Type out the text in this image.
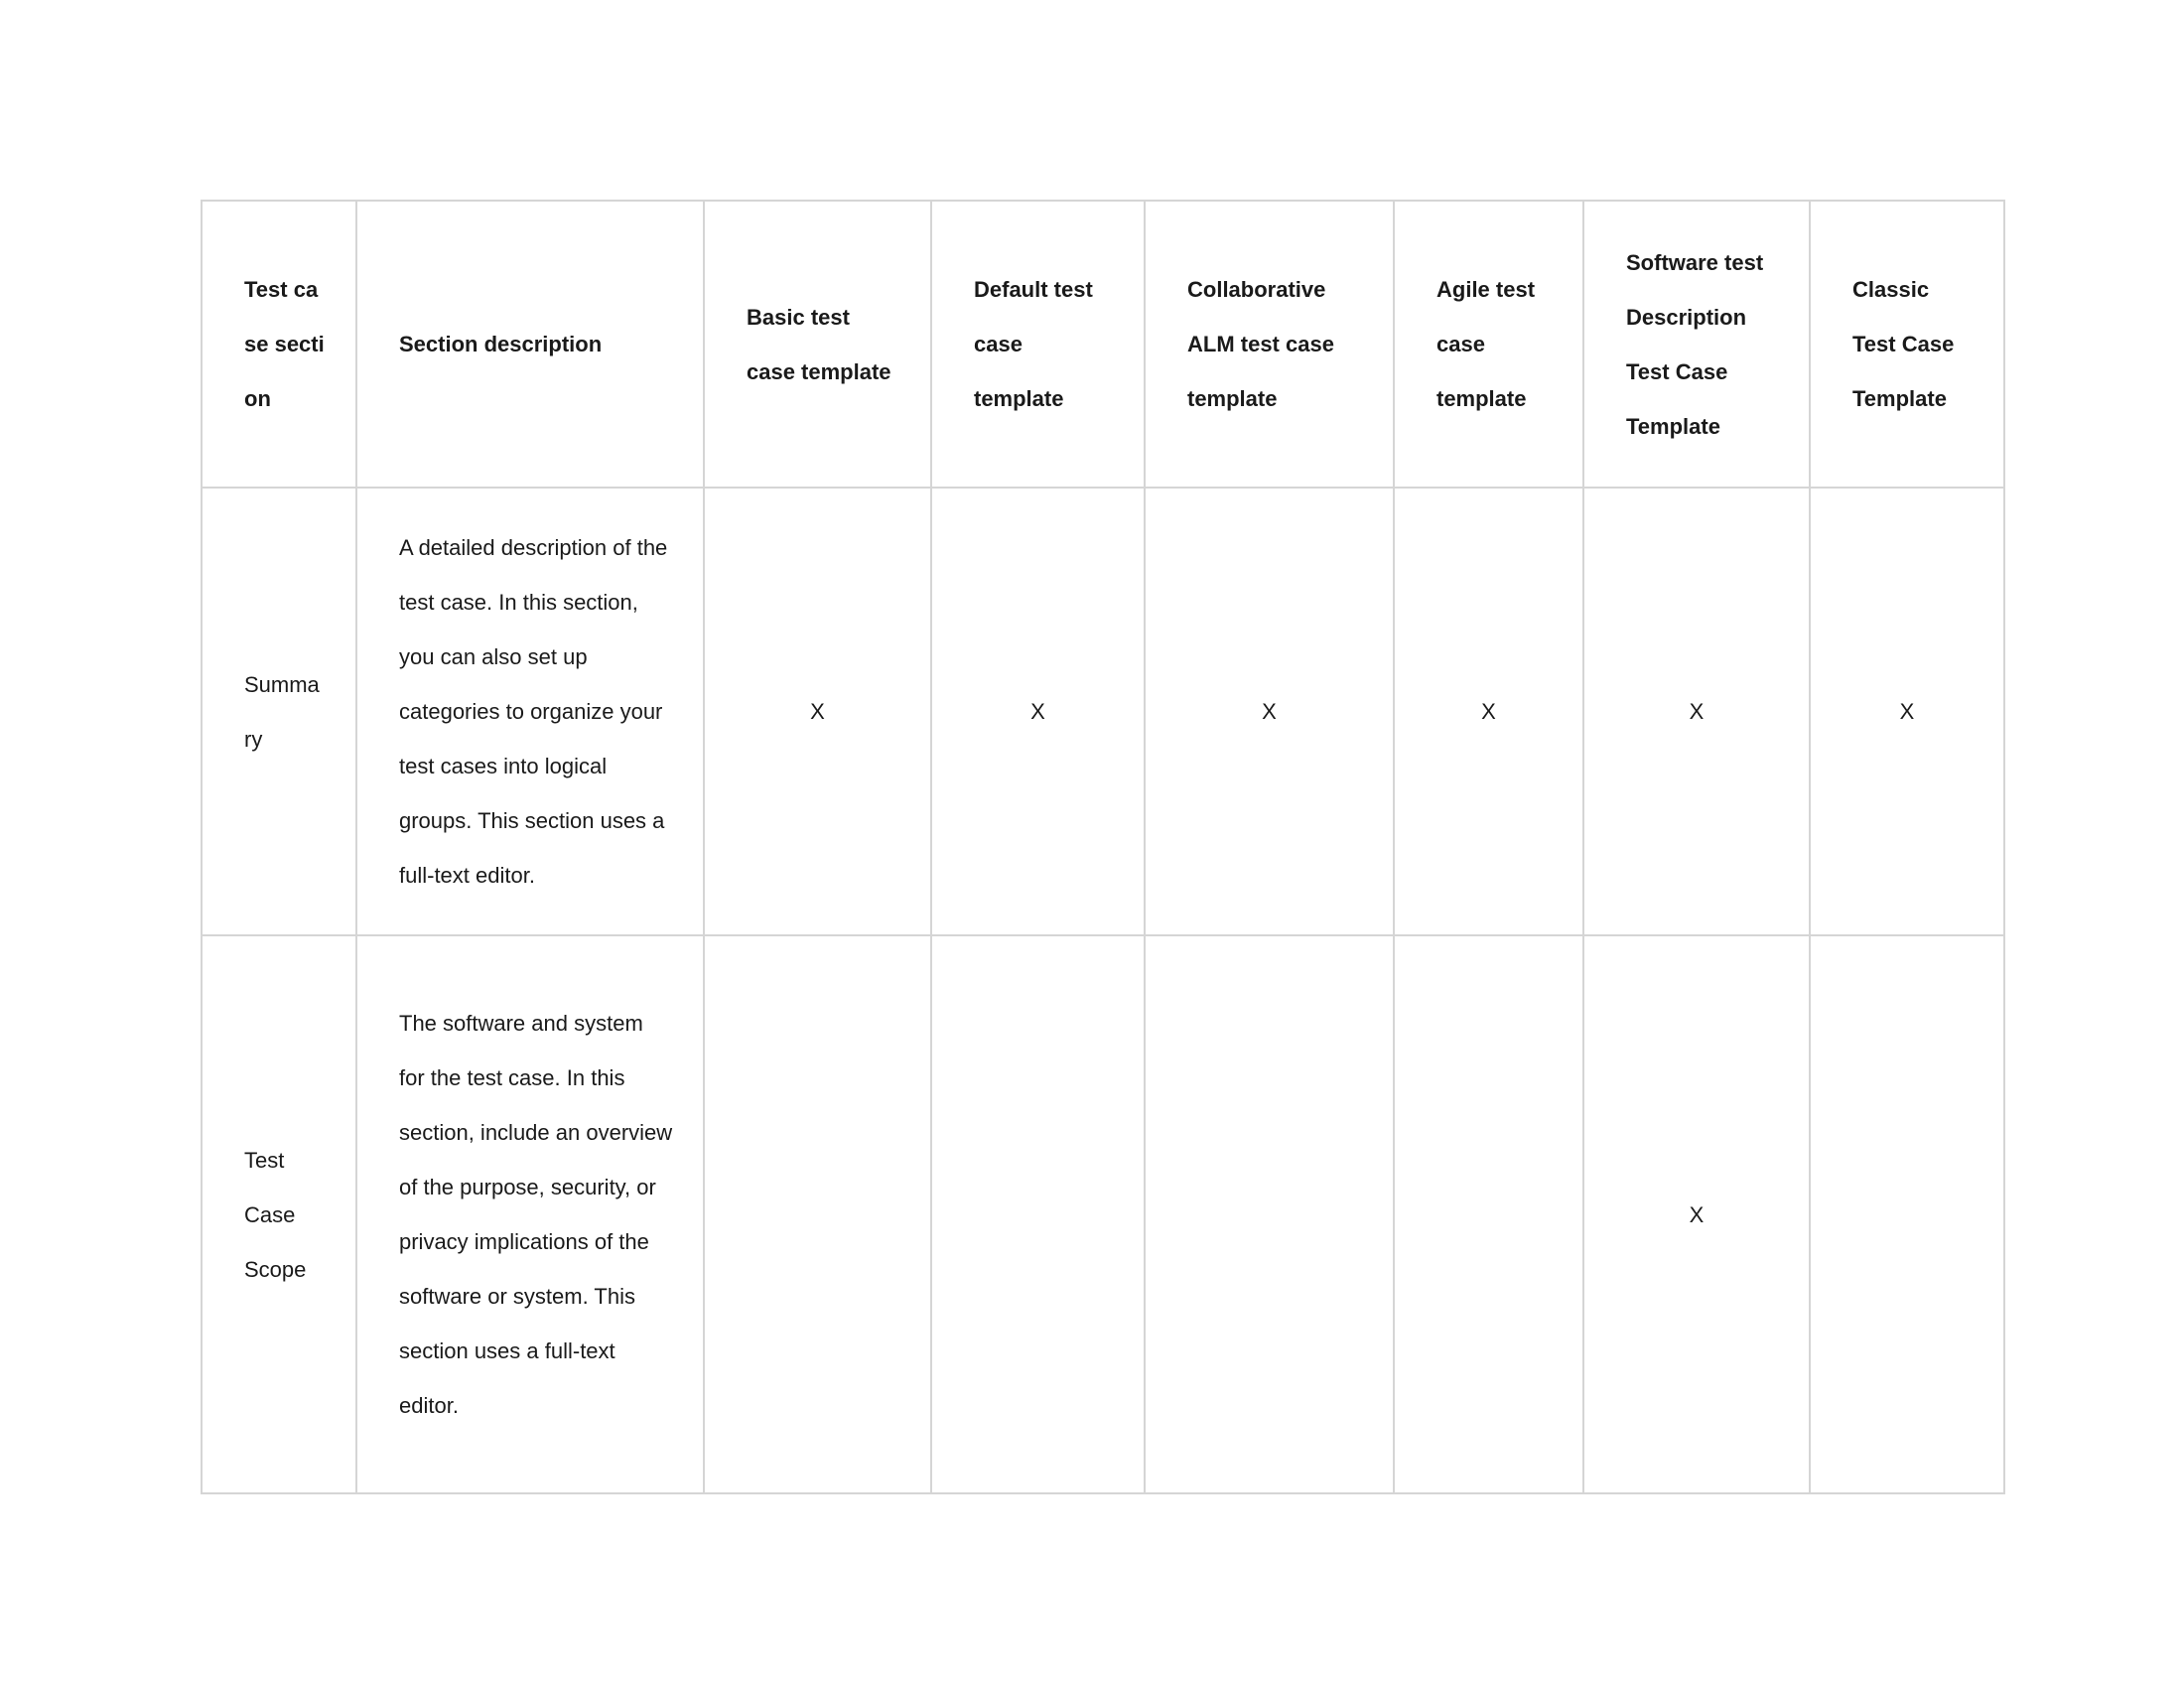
Test case section	Section description	Basic test case template	Default test case template	Collaborative ALM test case template	Agile test case template	Software test Description Test Case Template	Classic Test Case Template

Summary	A detailed description of the test case. In this section, you can also set up categories to organize your test cases into logical groups. This section uses a full-text editor.	X	X	X	X	X	X

Test Case Scope	The software and system for the test case. In this section, include an overview of the purpose, security, or privacy implications of the software or system. This section uses a full-text editor.					X	
